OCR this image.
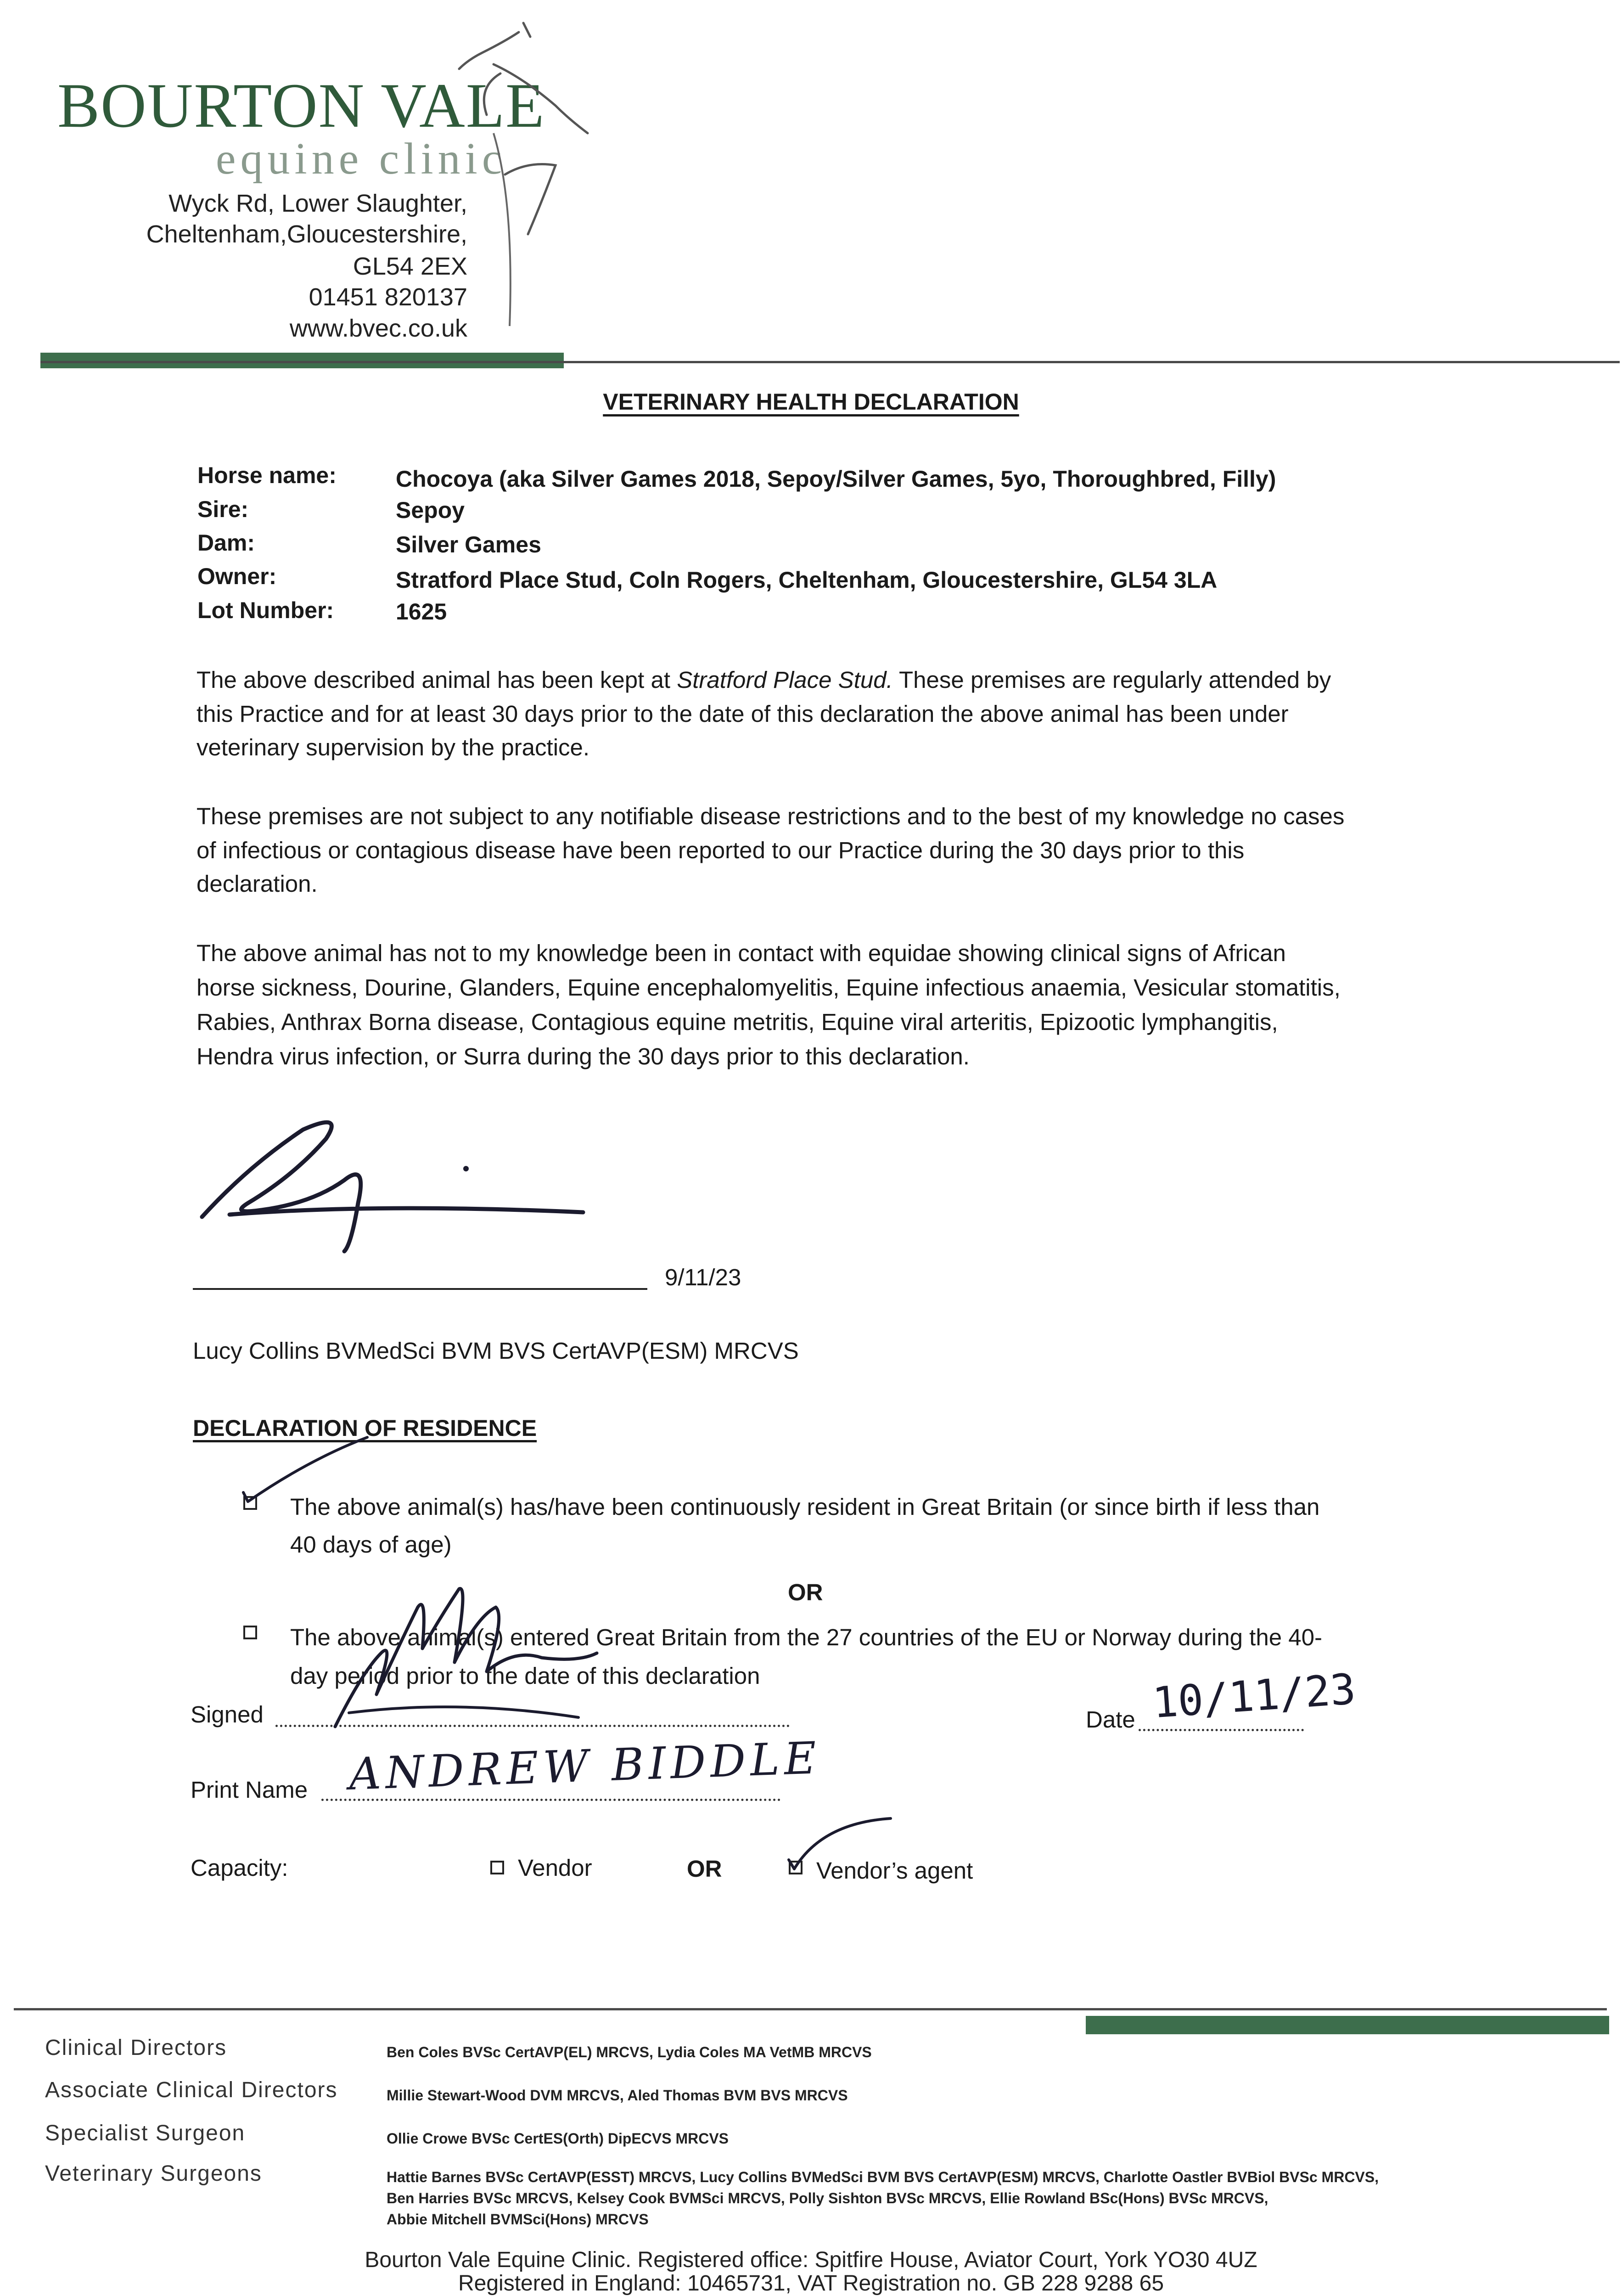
BOURTON VALE
equine clinic
Wyck Rd, Lower Slaughter,
Cheltenham,Gloucestershire,
GL54 2EX
01451 820137
www.bvec.co.uk
VETERINARY HEALTH DECLARATION
Horse name:	Chocoya (aka Silver Games 2018, Sepoy/Silver Games, 5yo, Thoroughbred, Filly)
Sire:	Sepoy
Dam:	Silver Games
Owner:	Stratford Place Stud, Coln Rogers, Cheltenham, Gloucestershire, GL54 3LA
Lot Number:	1625
The above described animal has been kept at Stratford Place Stud. These premises are regularly attended by
this Practice and for at least 30 days prior to the date of this declaration the above animal has been under
veterinary supervision by the practice.
These premises are not subject to any notifiable disease restrictions and to the best of my knowledge no cases
of infectious or contagious disease have been reported to our Practice during the 30 days prior to this
declaration.
The above animal has not to my knowledge been in contact with equidae showing clinical signs of African
horse sickness, Dourine, Glanders, Equine encephalomyelitis, Equine infectious anaemia, Vesicular stomatitis,
Rabies, Anthrax Borna disease, Contagious equine metritis, Equine viral arteritis, Epizootic lymphangitis,
Hendra virus infection, or Surra during the 30 days prior to this declaration.
9/11/23
Lucy Collins BVMedSci BVM BVS CertAVP(ESM) MRCVS
DECLARATION OF RESIDENCE
The above animal(s) has/have been continuously resident in Great Britain (or since birth if less than
40 days of age)
OR
The above animal(s) entered Great Britain from the 27 countries of the EU or Norway during the 40-
day period prior to the date of this declaration
Signed	Date 10/11/23
Print Name ANDREW BIDDLE
Capacity:	Vendor	OR	Vendor’s agent
Clinical Directors	Ben Coles BVSc CertAVP(EL) MRCVS, Lydia Coles MA VetMB MRCVS
Associate Clinical Directors	Millie Stewart-Wood DVM MRCVS, Aled Thomas BVM BVS MRCVS
Specialist Surgeon	Ollie Crowe BVSc CertES(Orth) DipECVS MRCVS
Veterinary Surgeons	Hattie Barnes BVSc CertAVP(ESST) MRCVS, Lucy Collins BVMedSci BVM BVS CertAVP(ESM) MRCVS, Charlotte Oastler BVBiol BVSc MRCVS,
Ben Harries BVSc MRCVS, Kelsey Cook BVMSci MRCVS, Polly Sishton BVSc MRCVS, Ellie Rowland BSc(Hons) BVSc MRCVS,
Abbie Mitchell BVMSci(Hons) MRCVS
Bourton Vale Equine Clinic. Registered office: Spitfire House, Aviator Court, York YO30 4UZ
Registered in England: 10465731, VAT Registration no. GB 228 9288 65
